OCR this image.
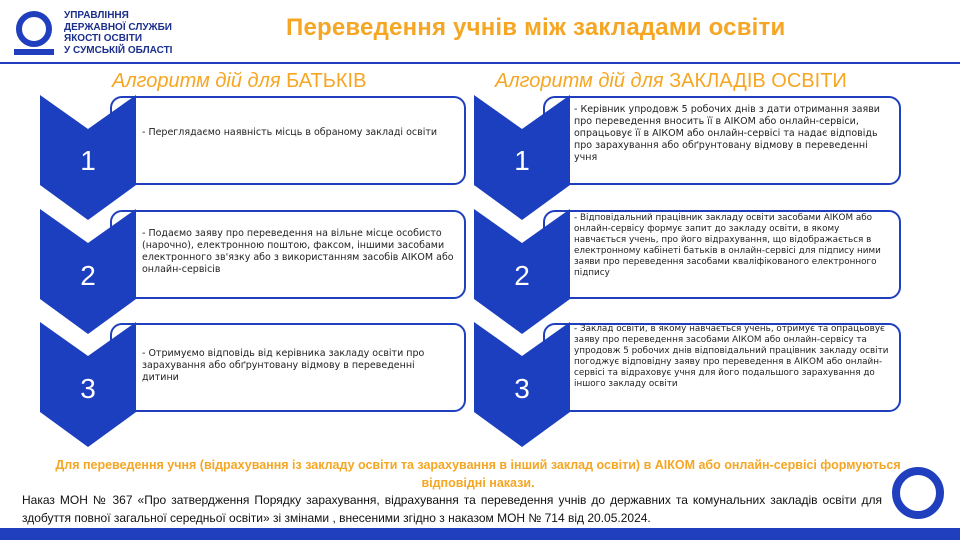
УПРАВЛІННЯ
ДЕРЖАВНОЇ СЛУЖБИ
ЯКОСТІ ОСВІТИ
У СУМСЬКІЙ ОБЛАСТІ
Переведення учнів між закладами освіти
Алгоритм дій для БАТЬКІВ	Алгоритм дій для ЗАКЛАДІВ ОСВІТИ
1
- Переглядаємо наявність місць в обраному закладі освіти
2
- Подаємо заяву про переведення на вільне місце особисто (нарочно), електронною поштою, факсом, іншими засобами електронного зв'язку або з використанням засобів АІКОМ або онлайн-сервісів
3
- Отримуємо відповідь від керівника закладу освіти про зарахування або обґрунтовану відмову в переведенні дитини
1
- Керівник упродовж 5 робочих днів з дати отримання заяви про переведення вносить її в АІКОМ або онлайн-сервіси, опрацьовує її в АІКОМ або онлайн-сервісі та надає відповідь про зарахування або обґрунтовану відмову в переведенні учня
2
- Відповідальний працівник закладу освіти засобами АІКОМ або онлайн-сервісу формує запит до закладу освіти, в якому навчається учень, про його відрахування, що відображається в електронному кабінеті батьків в онлайн-сервісі для підпису ними заяви про переведення засобами кваліфікованого електронного підпису
3
- Заклад освіти, в якому навчається учень, отримує та опрацьовує заяву про переведення засобами АІКОМ або онлайн-сервісу та упродовж 5 робочих днів відповідальний працівник закладу освіти погоджує відповідну заяву про переведення в АІКОМ або онлайн-сервісі та відраховує учня для його подальшого зарахування до іншого закладу освіти
Для переведення учня (відрахування із закладу освіти та зарахування в інший заклад освіти) в АІКОМ або онлайн-сервісі формуються відповідні накази.
Наказ МОН № 367 «Про затвердження Порядку зарахування, відрахування та переведення учнів до державних та комунальних закладів освіти для здобуття повної загальної середньої освіти» зі змінами , внесеними згідно з наказом МОН № 714 від 20.05.2024.
